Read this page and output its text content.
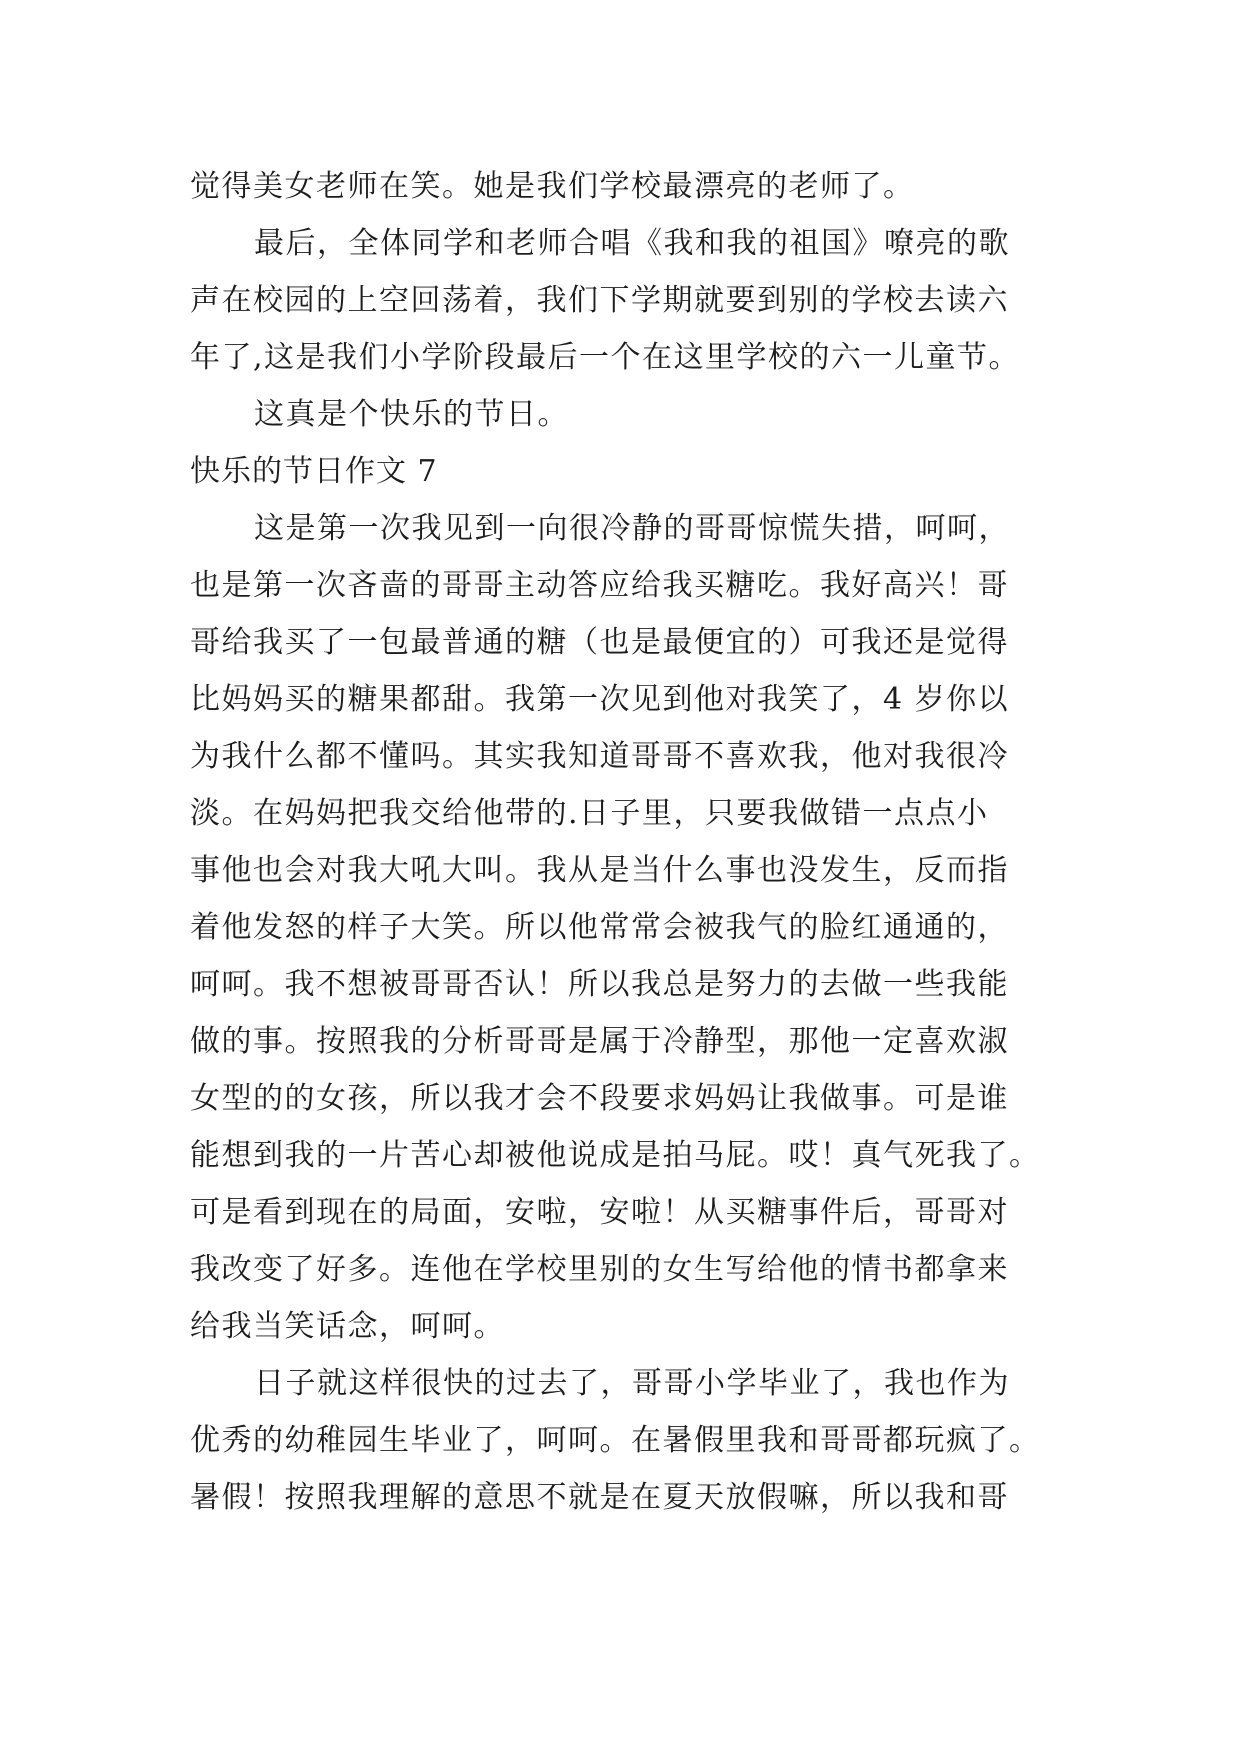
觉得美女老师在笑。她是我们学校最漂亮的老师了。
最后，全体同学和老师合唱《我和我的祖国》嘹亮的歌
声在校园的上空回荡着，我们下学期就要到别的学校去读六
年了,这是我们小学阶段最后一个在这里学校的六一儿童节。
这真是个快乐的节日。
快乐的节日作文 7
这是第一次我见到一向很冷静的哥哥惊慌失措，呵呵，
也是第一次吝啬的哥哥主动答应给我买糖吃。我好高兴！哥
哥给我买了一包最普通的糖（也是最便宜的）可我还是觉得
比妈妈买的糖果都甜。我第一次见到他对我笑了，4 岁你以
为我什么都不懂吗。其实我知道哥哥不喜欢我，他对我很冷
淡。在妈妈把我交给他带的.日子里，只要我做错一点点小
事他也会对我大吼大叫。我从是当什么事也没发生，反而指
着他发怒的样子大笑。所以他常常会被我气的脸红通通的，
呵呵。我不想被哥哥否认！所以我总是努力的去做一些我能
做的事。按照我的分析哥哥是属于冷静型，那他一定喜欢淑
女型的的女孩，所以我才会不段要求妈妈让我做事。可是谁
能想到我的一片苦心却被他说成是拍马屁。哎！真气死我了。
可是看到现在的局面，安啦，安啦！从买糖事件后，哥哥对
我改变了好多。连他在学校里别的女生写给他的情书都拿来
给我当笑话念，呵呵。
日子就这样很快的过去了，哥哥小学毕业了，我也作为
优秀的幼稚园生毕业了，呵呵。在暑假里我和哥哥都玩疯了。
暑假！按照我理解的意思不就是在夏天放假嘛，所以我和哥
